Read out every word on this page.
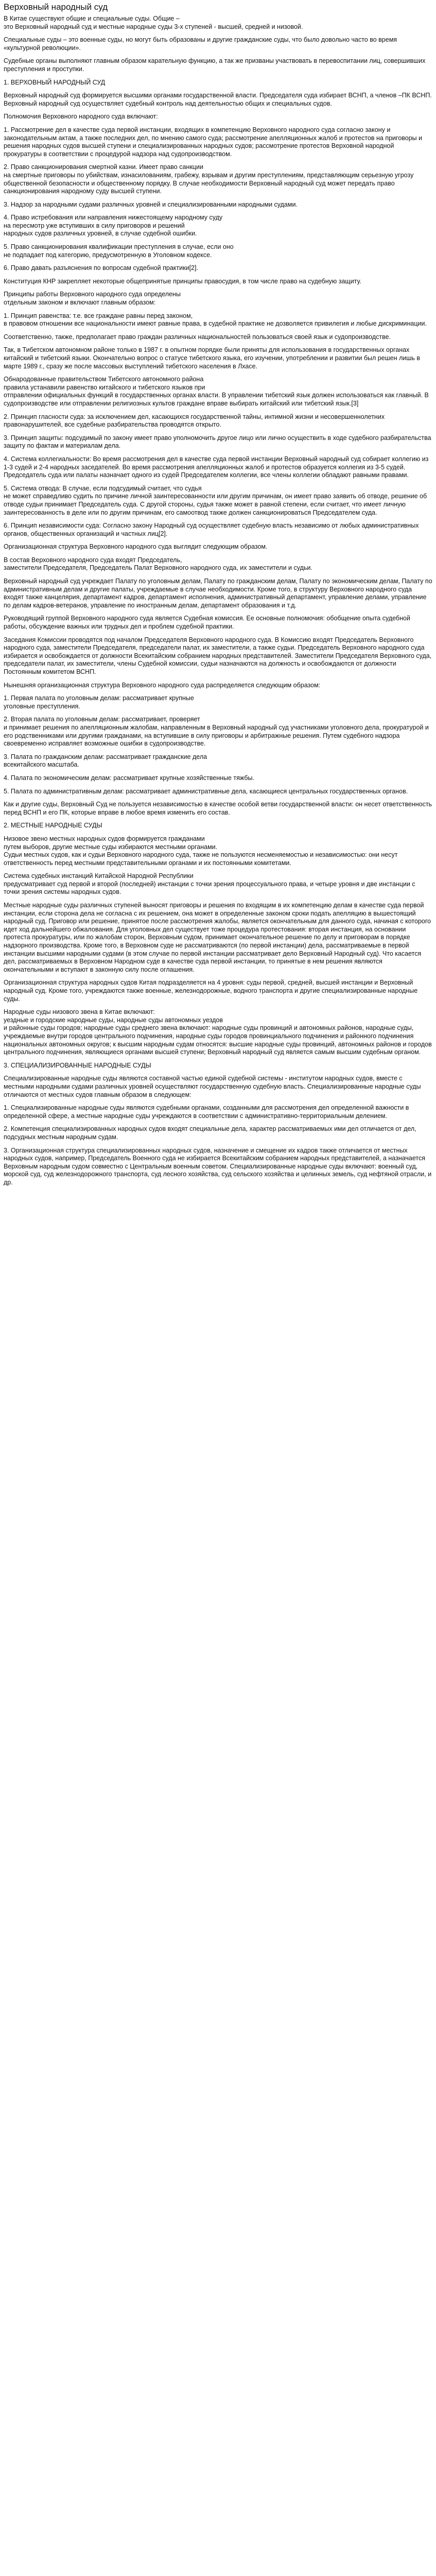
Верховный народный суд

В Китае существуют общие и специальные суды. Общие –
это Верховный народный суд и местные народные суды 3-х ступеней - высшей, средней и низовой.

Специальные суды – это военные суды, но могут быть образованы и другие гражданские суды, что было довольно часто во время «культурной революции».

Судебные органы выполняют главным образом карательную функцию, а так же призваны участвовать в перевоспитании лиц, совершивших преступления и проступки.

1. ВЕРХОВНЫЙ НАРОДНЫЙ СУД

Верховный народный суд формируется высшими органами государственной власти. Председателя суда избирает ВСНП, а членов –ПК ВСНП. Верховный народный суд осуществляет судебный контроль над деятельностью общих и специальных судов.

Полномочия Верховного народного суда включают:

1. Рассмотрение дел в качестве суда первой инстанции, входящих в компетенцию Верховного народного суда согласно закону и законодательным актам, а также последних дел, по мнению самого суда; рассмотрение апелляционных жалоб и протестов на приговоры и решения народных судов высшей ступени и специализированных народных судов; рассмотрение протестов Верховной народной прокуратуры в соответствии с процедурой надзора над судопроизводством.

2. Право санкционирования смертной казни. Имеет право санкции
на смертные приговоры по убийствам, изнасилованиям, грабежу, взрывам и другим преступлениям, представляющим серьезную угрозу общественной безопасности и общественному порядку. В случае необходимости Верховный народный суд может передать право санкционирования народному суду высшей ступени.

3. Надзор за народными судами различных уровней и специализированными народными судами.

4. Право истребования или направления нижестоящему народному суду
на пересмотр уже вступивших в силу приговоров и решений
народных судов различных уровней, в случае судебной ошибки.

5. Право санкционирования квалификации преступления в случае, если оно
не подпадает под категорию, предусмотренную в Уголовном кодексе.

6. Право давать разъяснения по вопросам судебной практики[2].

Конституция КНР закрепляет некоторые общепринятые принципы правосудия, в том числе право на судебную защиту.

Принципы работы Верховного народного суда определены
отдельным законом и включают главным образом:

1. Принцип равенства: т.е. все граждане равны перед законом,
в правовом отношении все национальности имеют равные права, в судебной практике не дозволяется привилегия и любые дискриминации.

Соответственно, также, предполагает право граждан различных национальностей пользоваться своей язык и судопроизводстве.

Так, в Тибетском автономном районе только в 1987 г. в опытном порядке были приняты для использования в государственных органах китайский и тибетский языки. Окончательно вопрос о статусе тибетского языка, его изучении, употреблении и развитии был решен лишь в марте 1989 г., сразу же после массовых выступлений тибетского населения в Лхасе.

Обнародованные правительством Тибетского автономного района
правила устанавили равенство китайского и тибетского языков при
отправлении официальных функций в государственных органах власти. В управлении тибетский язык должен использоваться как главный. В судопроизводстве или отправлении религиозных культов граждане вправе выбирать китайский или тибетский язык.[3]

2. Принцип гласности суда: за исключением дел, касающихся государственной тайны, интимной жизни и несовершеннолетних правонарушителей, все судебные разбирательства проводятся открыто.

3. Принцип защиты: подсудимый по закону имеет право уполномочить другое лицо или лично осуществить в ходе судебного разбирательства защиту по фактам и материалам дела.

4. Система коллегиальности: Во время рассмотрения дел в качестве суда первой инстанции Верховный народный суд собирает коллегию из 1-3 судей и 2-4 народных заседателей. Во время рассмотрения апелляционных жалоб и протестов образуется коллегия из 3-5 судей. Председатель суда или палаты назначает одного из судей Председателем коллегии, все члены коллегии обладают равными правами.

5. Система отвода: В случае, если подсудимый считает, что судья
не может справедливо судить по причине личной заинтересованности или другим причинам, он имеет право заявить об отводе, решение об отводе судьи принимает Председатель суда. С другой стороны, судья также может в равной степени, если считает, что имеет личную заинтересованность в деле или по другим причинам, его самоотвод также должен санкционироваться Председателем суда.

6. Принцип независимости суда: Согласно закону Народный суд осуществляет судебную власть независимо от любых административных органов, общественных организаций и частных лиц[2].

Организационная структура Верховного народного суда выглядит следующим образом.

В состав Верховного народного суда входят Председатель,
заместители Председателя, Председатель Палат Верховного народного суда, их заместители и судьи.

Верховный народный суд учреждает Палату по уголовным делам, Палату по гражданским делам, Палату по экономическим делам, Палату по административным делам и другие палаты, учреждаемые в случае необходимости. Кроме того, в структуру Верховного народного суда входят также канцелярия, департамент кадров, департамент исполнения, административный департамент, управление делами, управление по делам кадров-ветеранов, управление по иностранным делам, департамент образования и т.д.

Руководящий группой Верховного народного суда является Судебная комиссия. Ее основные полномочия: обобщение опыта судебной работы, обсуждение важных или трудных дел и проблем судебной практики.

Заседания Комиссии проводятся под началом Председателя Верховного народного суда. В Комиссию входят Председатель Верховного народного суда, заместители Председателя, председатели палат, их заместители, а также судьи. Председатель Верховного народного суда избирается и освобождается от должности Всекитайским собранием народных представителей. Заместители Председателя Верховного суда, председатели палат, их заместители, члены Судебной комиссии, судьи назначаются на должность и освобождаются от должности Постоянным комитетом ВСНП.

Нынешняя организационная структура Верховного народного суда распределяется следующим образом:

1. Первая палата по уголовным делам: рассматривает крупные
уголовные преступления.

2. Вторая палата по уголовным делам: рассматривает, проверяет
и принимает решения по апелляционным жалобам, направленным в Верховный народный суд участниками уголовного дела, прокуратурой и его родственниками или другими гражданами, на вступившие в силу приговоры и арбитражные решения. Путем судебного надзора своевременно исправляет возможные ошибки в судопроизводстве.

3. Палата по гражданским делам: рассматривает гражданские дела
всекитайского масштаба.

4. Палата по экономическим делам: рассматривает крупные хозяйственные тяжбы.

5. Палата по административным делам: рассматривает административные дела, касающиеся центральных государственных органов.

Как и другие суды, Верховный Суд не пользуется независимостью в качестве особой ветви государственной власти: он несет ответственность перед ВСНП и его ПК, которые вправе в любое время изменить его состав.

2. МЕСТНЫЕ НАРОДНЫЕ СУДЫ

Низовое звено местных народных судов формируется гражданами
путем выборов, другие местные суды избираются местными органами.
Судьи местных судов, как и судьи Верховного народного суда, также не пользуются несменяемостью и независимостью: они несут ответственность перед местными представительными органами и их постоянными комитетами.

Система судебных инстанций Китайской Народной Республики
предусматривает суд первой и второй (последней) инстанции с точки зрения процессуального права, и четыре уровня и две инстанции с точки зрения системы народных судов.

Местные народные суды различных ступеней выносят приговоры и решения по входящим в их компетенцию делам в качестве суда первой инстанции, если сторона дела не согласна с их решением, она может в определенные законом сроки подать апелляцию в вышестоящий народный суд. Приговор или решение, принятое после рассмотрения жалобы, является окончательным для данного суда, начиная с которого идет ход дальнейшего обжалования. Для уголовных дел существует тоже процедура протестования: вторая инстанция, на основании протеста прокуратуры, или по жалобам сторон, Верховным судом, принимает окончательное решение по делу и приговорам в порядке надзорного производства. Кроме того, в Верховном суде не рассматриваются (по первой инстанции) дела, рассматриваемые в первой инстанции высшими народными судами (в этом случае по первой инстанции рассматривает дело Верховный Народный суд). Что касается дел, рассматриваемых в Верховном Народном суде в качестве суда первой инстанции, то принятые в нем решения являются окончательными и вступают в законную силу после оглашения.

Организационная структура народных судов Китая подразделяется на 4 уровня: суды первой, средней, высшей инстанции и Верховный народный суд. Кроме того, учреждаются также военные, железнодорожные, водного транспорта и другие специализированные народные суды.

Народные суды низового звена в Китае включают:
уездные и городские народные суды, народные суды автономных уездов
и районные суды городов; народные суды среднего звена включают: народные суды провинций и автономных районов, народные суды, учреждаемые внутри городов центрального подчинения, народные суды городов провинциального подчинения и районного подчинения национальных автономных округов; к высшим народным судам относятся: высшие народные суды провинций, автономных районов и городов центрального подчинения, являющиеся органами высшей ступени; Верховный народный суд является самым высшим судебным органом.

3. СПЕЦИАЛИЗИРОВАННЫЕ НАРОДНЫЕ СУДЫ

Специализированные народные суды являются составной частью единой судебной системы - институтом народных судов, вместе с местными народными судами различных уровней осуществляют государственную судебную власть. Специализированные народные суды отличаются от местных судов главным образом в следующем:

1. Специализированные народные суды являются судебными органами, созданными для рассмотрения дел определенной важности в определенной сфере, а местные народные суды учреждаются в соответствии с административно-территориальным делением.

2. Компетенция специализированных народных судов входят специальные дела, характер рассматриваемых ими дел отличается от дел, подсудных местным народным судам.

3. Организационная структура специализированных народных судов, назначение и смещение их кадров также отличается от местных народных судов, например, Председатель Военного суда не избирается Всекитайским собранием народных представителей, а назначается Верховным народным судом совместно с Центральным военным советом. Специализированные народные суды включают: военный суд, морской суд, суд железнодорожного транспорта, суд лесного хозяйства, суд сельского хозяйства и целинных земель, суд нефтяной отрасли, и др.
